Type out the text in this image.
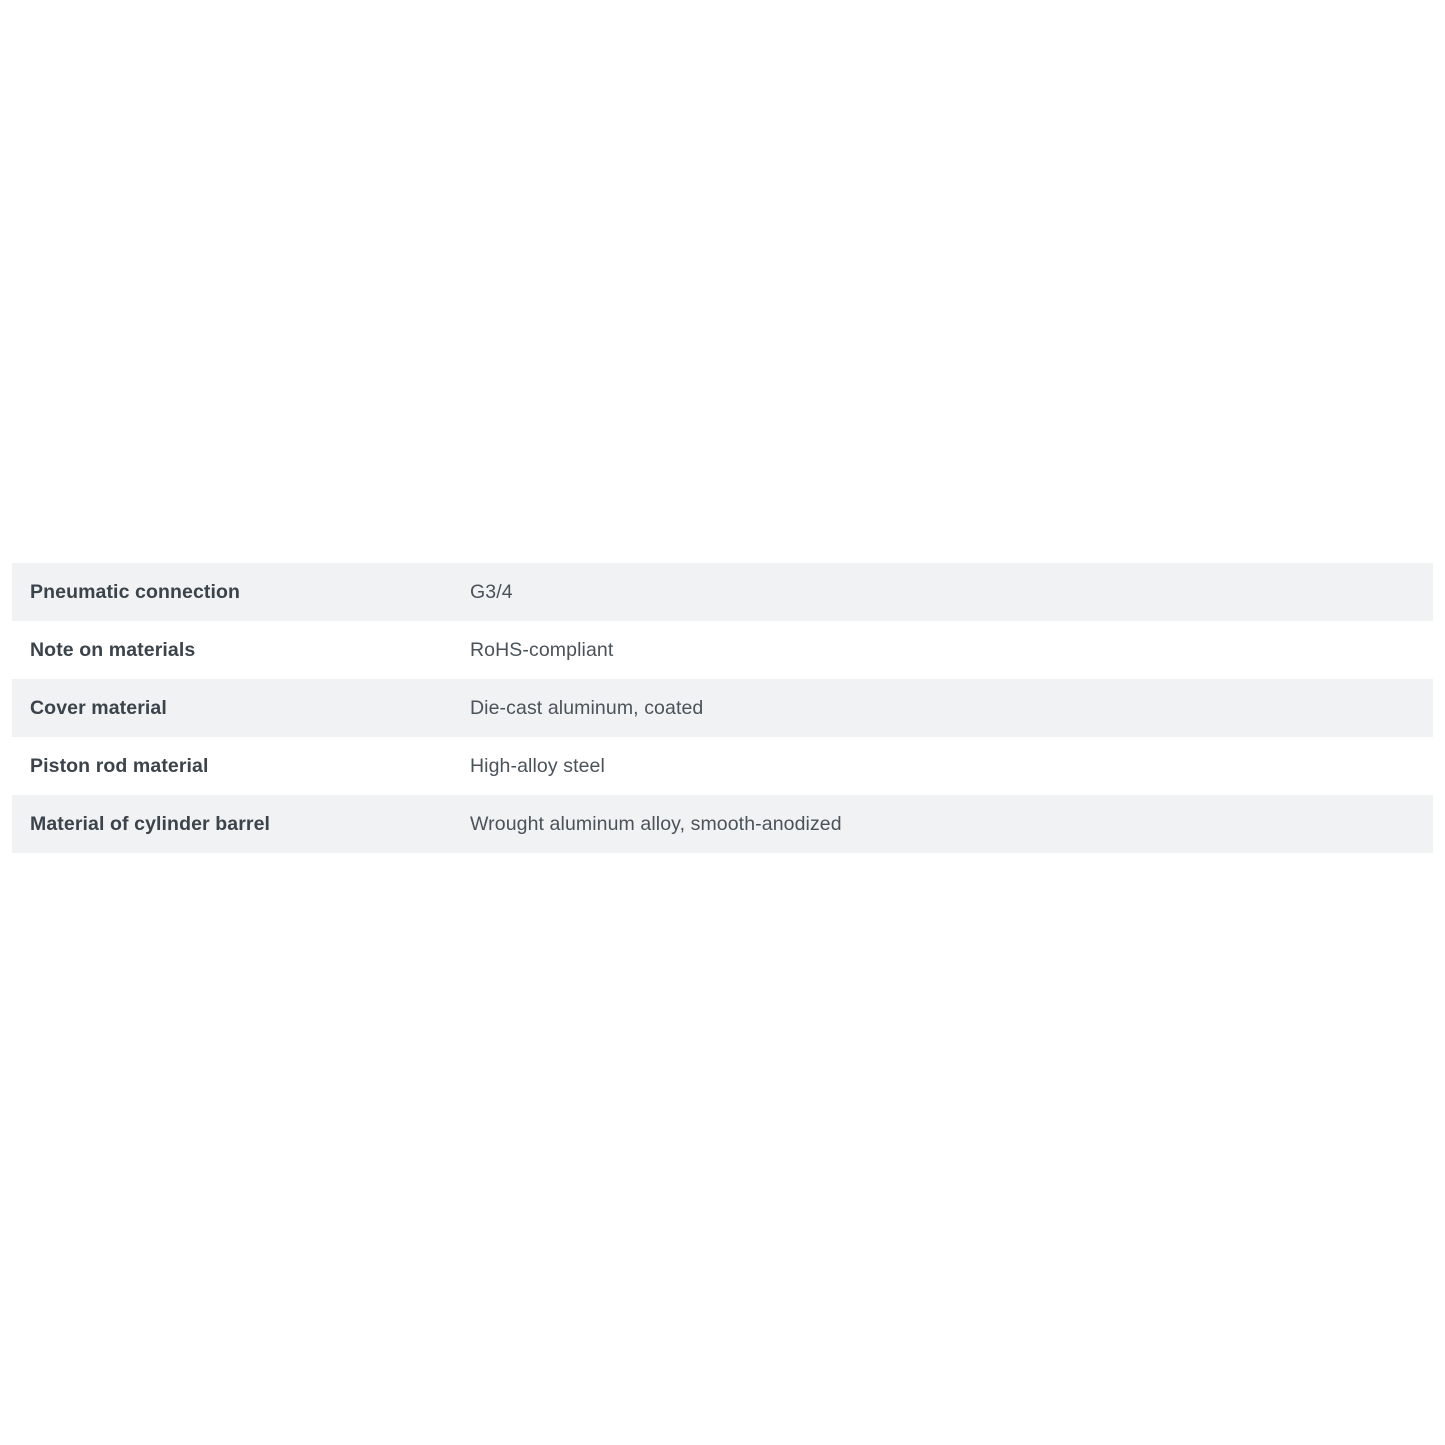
Pneumatic connection	G3/4
Note on materials	RoHS-compliant
Cover material	Die-cast aluminum, coated
Piston rod material	High-alloy steel
Material of cylinder barrel	Wrought aluminum alloy, smooth-anodized
